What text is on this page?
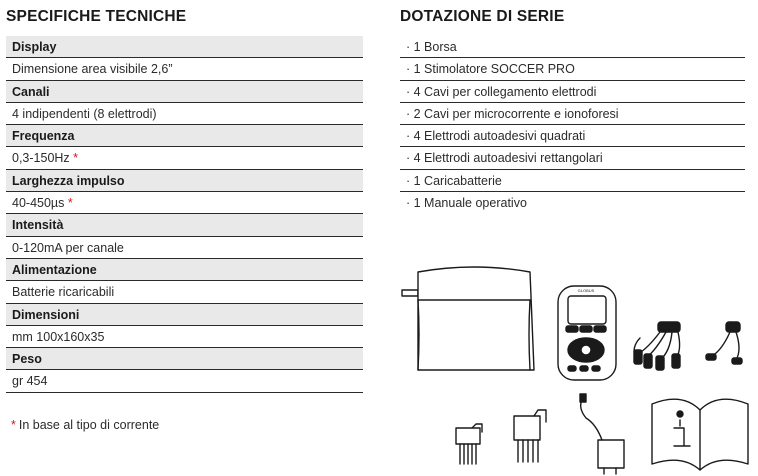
SPECIFICHE TECNICHE	DOTAZIONE DI SERIE
Display
Dimensione area visibile 2,6”
Canali
4 indipendenti (8 elettrodi)
Frequenza
0,3-150Hz *
Larghezza impulso
40-450µs *
Intensità
0-120mA per canale
Alimentazione
Batterie ricaricabili
Dimensioni
mm 100x160x35
Peso
gr 454
* In base al tipo di corrente
· 1 Borsa
· 1 Stimolatore SOCCER PRO
· 4 Cavi per collegamento elettrodi
· 2 Cavi per microcorrente e ionoforesi
· 4 Elettrodi autoadesivi quadrati
· 4 Elettrodi autoadesivi rettangolari
· 1 Caricabatterie
· 1 Manuale operativo
GLOBUS
